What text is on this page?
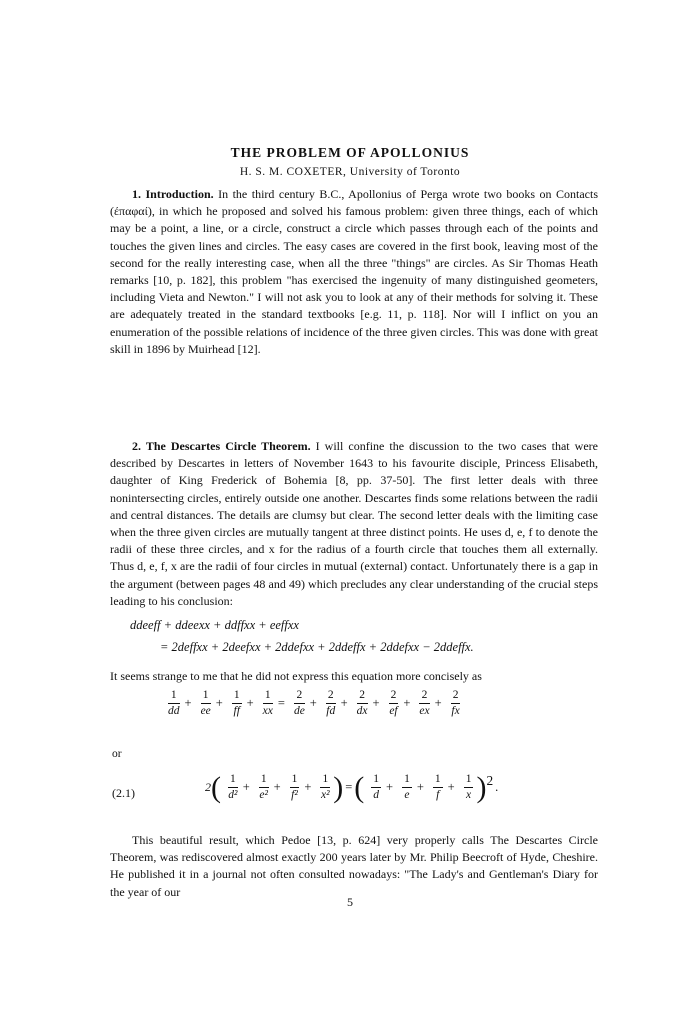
THE PROBLEM OF APOLLONIUS
H. S. M. COXETER, University of Toronto

1. Introduction. In the third century B.C., Apollonius of Perga wrote two books on Contacts (έπαφαί), in which he proposed and solved his famous problem: given three things, each of which may be a point, a line, or a circle, construct a circle which passes through each of the points and touches the given lines and circles. The easy cases are covered in the first book, leaving most of the second for the really interesting case, when all the three "things" are circles. As Sir Thomas Heath remarks [10, p. 182], this problem "has exercised the ingenuity of many distinguished geometers, including Vieta and Newton." I will not ask you to look at any of their methods for solving it. These are adequately treated in the standard textbooks [e.g. 11, p. 118]. Nor will I inflict on you an enumeration of the possible relations of incidence of the three given circles. This was done with great skill in 1896 by Muirhead [12].

2. The Descartes Circle Theorem. I will confine the discussion to the two cases that were described by Descartes in letters of November 1643 to his favourite disciple, Princess Elisabeth, daughter of King Frederick of Bohemia [8, pp. 37-50]. The first letter deals with three nonintersecting circles, entirely outside one another. Descartes finds some relations between the radii and central distances. The details are clumsy but clear. The second letter deals with the limiting case when the three given circles are mutually tangent at three distinct points. He uses d, e, f to denote the radii of these three circles, and x for the radius of a fourth circle that touches them all externally. Thus d, e, f, x are the radii of four circles in mutual (external) contact. Unfortunately there is a gap in the argument (between pages 48 and 49) which precludes any clear understanding of the crucial steps leading to his conclusion:

ddeeff + ddeexx + ddffxx + eeffxx
= 2deffxx + 2deefxx + 2ddefxx + 2ddeffx + 2ddefxx − 2ddeffx.

It seems strange to me that he did not express this equation more concisely as

$\frac{1}{dd} + \frac{1}{ee} + \frac{1}{ff} + \frac{1}{xx} = \frac{2}{de} + \frac{2}{fd} + \frac{2}{dx} + \frac{2}{ef} + \frac{2}{ex} + \frac{2}{fx}$
or
(2.1)	$2( \frac{1}{\text{d²}} + \frac{1}{\text{e²}} + \frac{1}{\text{f²}} + \frac{1}{\text{x²}}$ ) =( $\frac{1}{d} + \frac{1}{e} + \frac{1}{f} + \frac{1}{x} )^2$ .

This beautiful result, which Pedoe [13, p. 624] very properly calls The Descartes Circle Theorem, was rediscovered almost exactly 200 years later by Mr. Philip Beecroft of Hyde, Cheshire. He published it in a journal not often consulted nowadays: "The Lady's and Gentleman's Diary for the year of our

5
